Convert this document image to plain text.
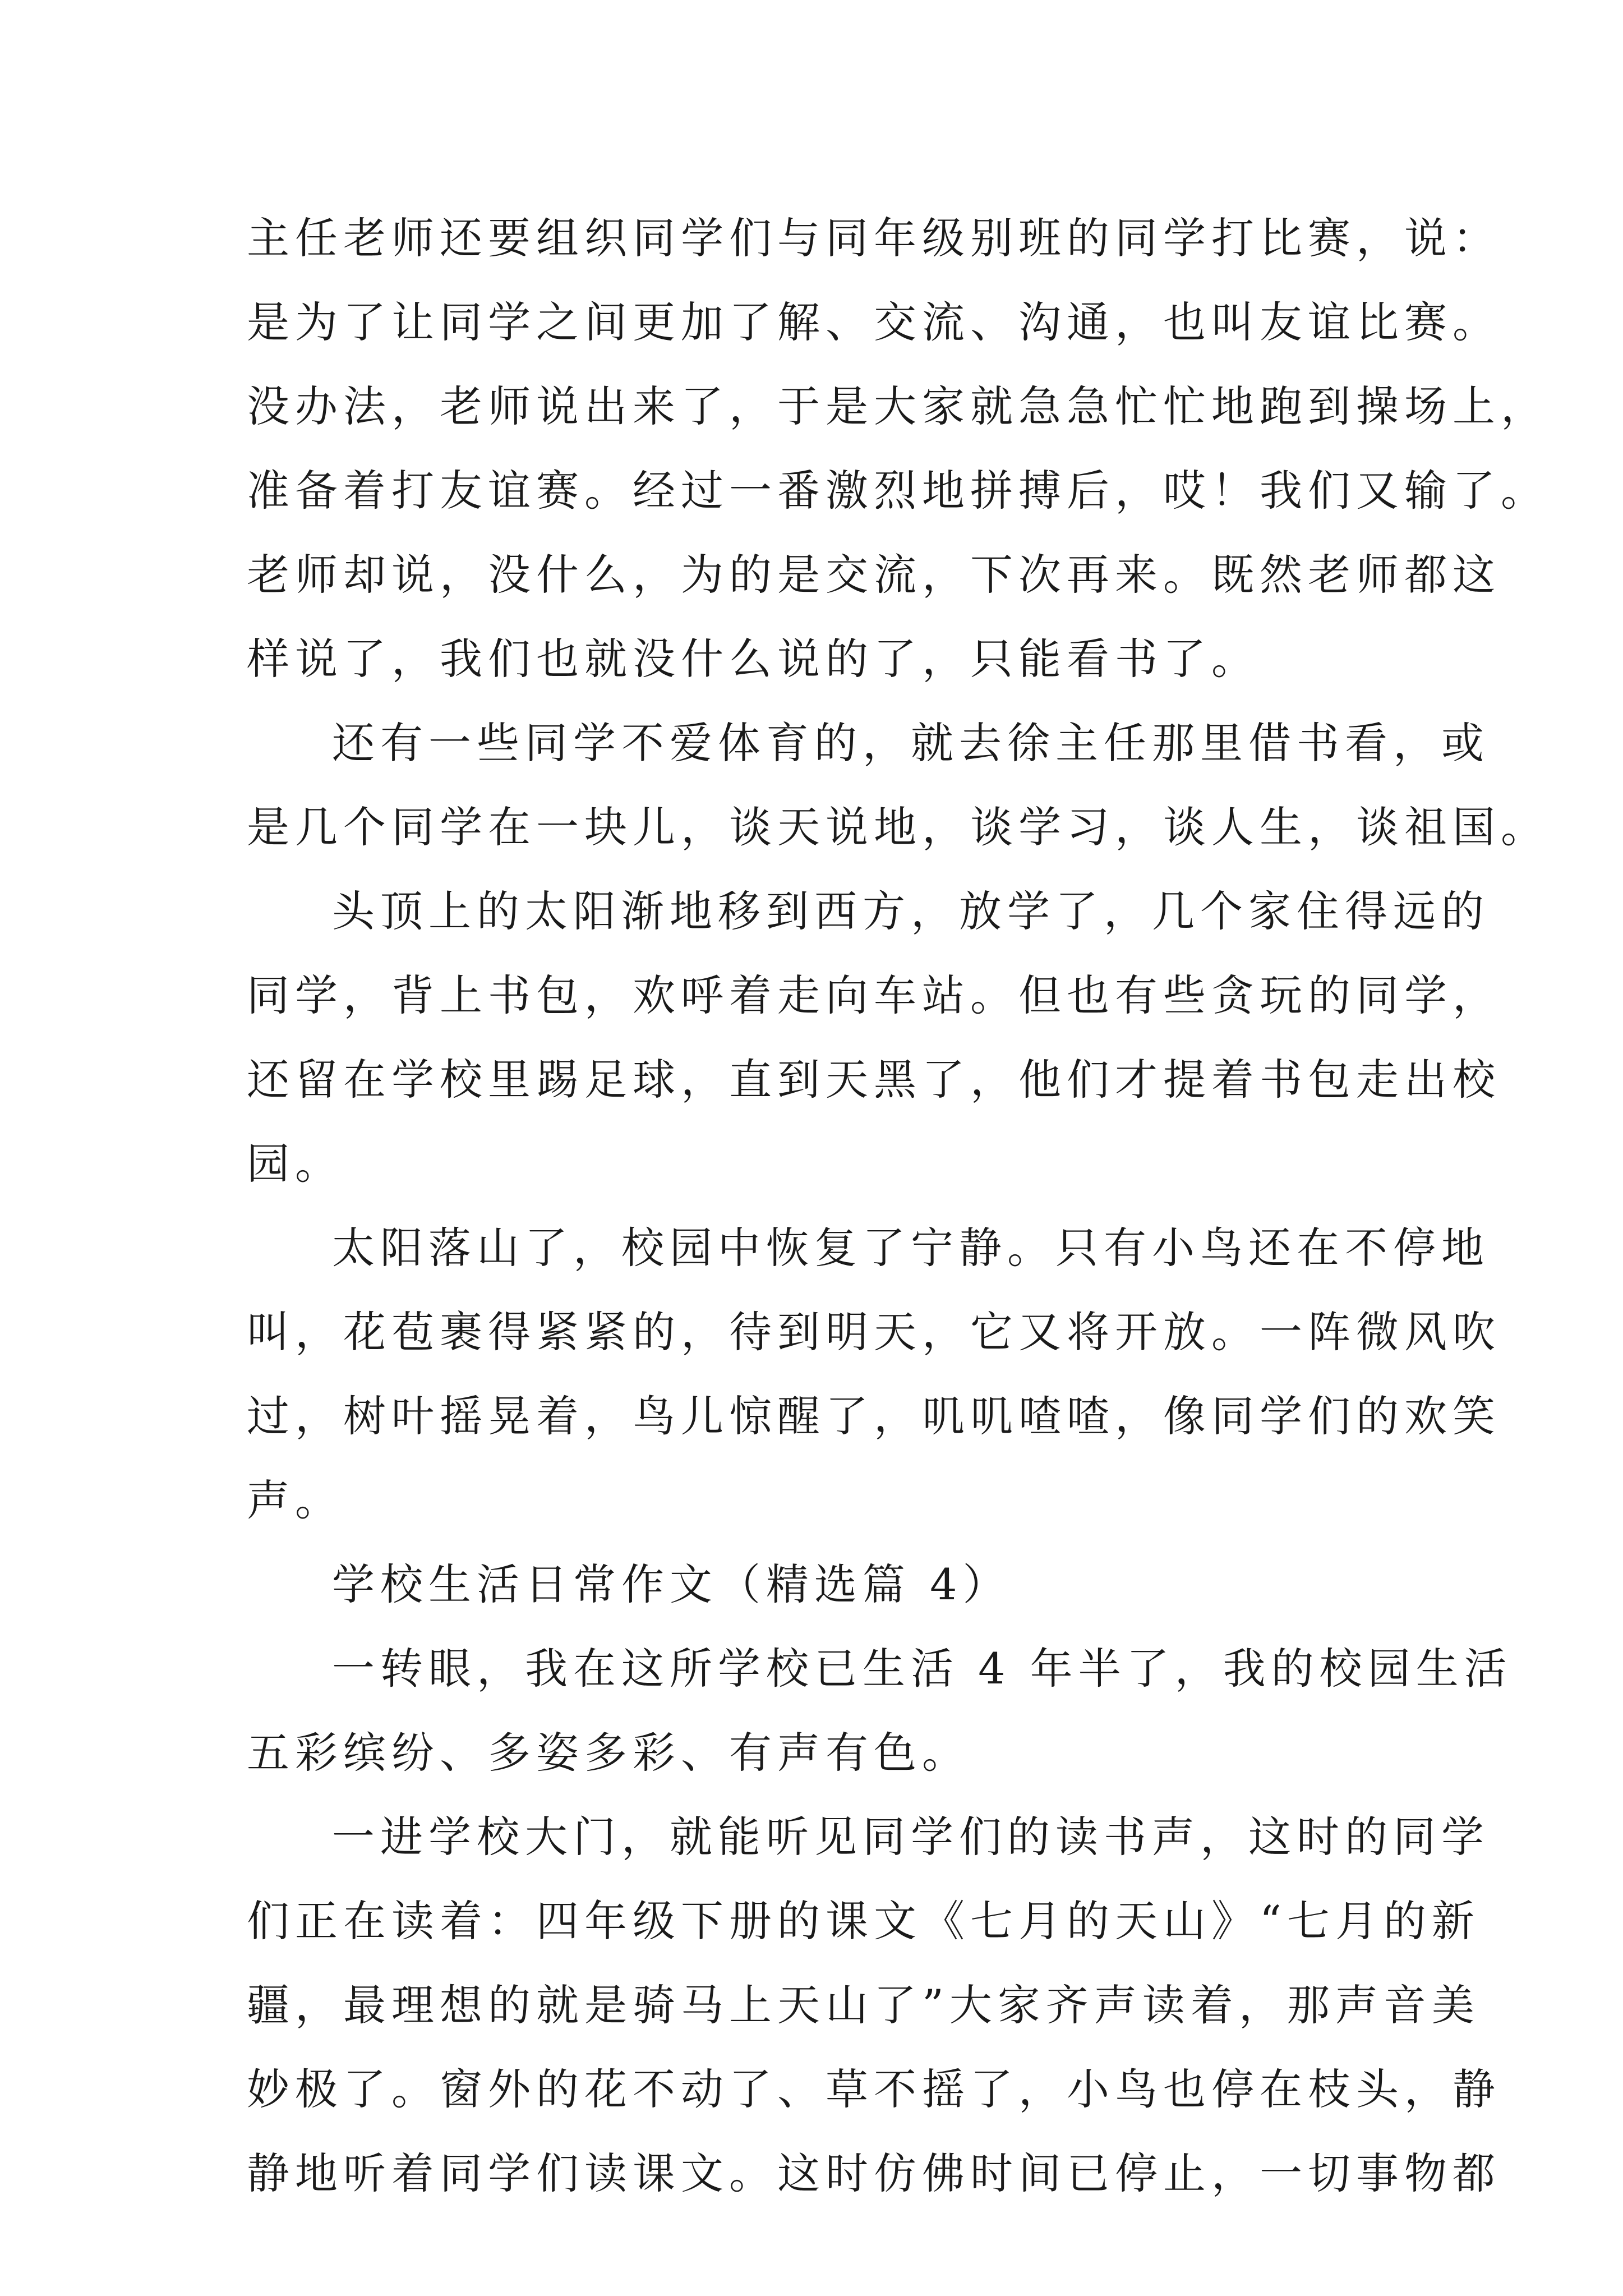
主任老师还要组织同学们与同年级别班的同学打比赛，说：
是为了让同学之间更加了解、交流、沟通，也叫友谊比赛。
没办法，老师说出来了，于是大家就急急忙忙地跑到操场上，
准备着打友谊赛。经过一番激烈地拼搏后，哎！我们又输了。
老师却说，没什么，为的是交流，下次再来。既然老师都这
样说了，我们也就没什么说的了，只能看书了。
还有一些同学不爱体育的，就去徐主任那里借书看，或
是几个同学在一块儿，谈天说地，谈学习，谈人生，谈祖国。
头顶上的太阳渐地移到西方，放学了，几个家住得远的
同学，背上书包，欢呼着走向车站。但也有些贪玩的同学，
还留在学校里踢足球，直到天黑了，他们才提着书包走出校
园。
太阳落山了，校园中恢复了宁静。只有小鸟还在不停地
叫，花苞裹得紧紧的，待到明天，它又将开放。一阵微风吹
过，树叶摇晃着，鸟儿惊醒了，叽叽喳喳，像同学们的欢笑
声。
学校生活日常作文（精选篇 4）
一转眼，我在这所学校已生活 4 年半了，我的校园生活
五彩缤纷、多姿多彩、有声有色。
一进学校大门，就能听见同学们的读书声，这时的同学
们正在读着：四年级下册的课文《七月的天山》“七月的新
疆，最理想的就是骑马上天山了”大家齐声读着，那声音美
妙极了。窗外的花不动了、草不摇了，小鸟也停在枝头，静
静地听着同学们读课文。这时仿佛时间已停止，一切事物都
